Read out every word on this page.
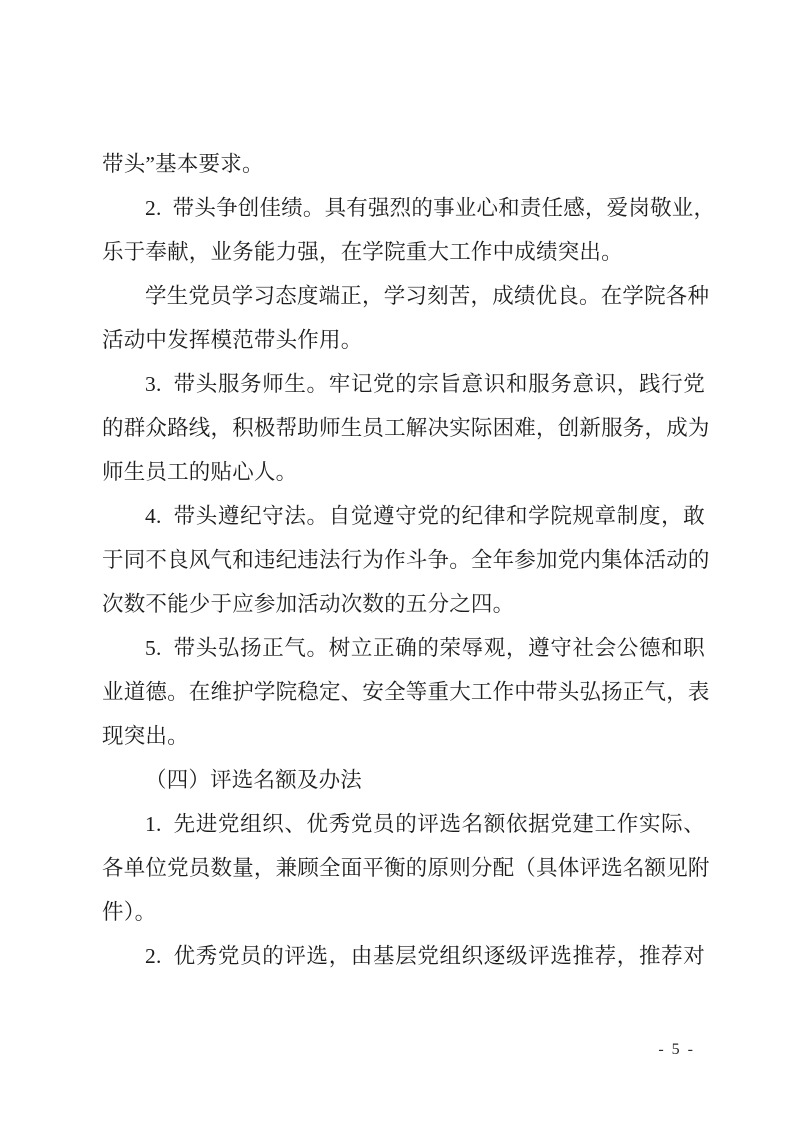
带头”基本要求。
2.  带头争创佳绩。具有强烈的事业心和责任感，爱岗敬业，
乐于奉献，业务能力强，在学院重大工作中成绩突出。
学生党员学习态度端正，学习刻苦，成绩优良。在学院各种
活动中发挥模范带头作用。
3.  带头服务师生。牢记党的宗旨意识和服务意识，践行党
的群众路线，积极帮助师生员工解决实际困难，创新服务，成为
师生员工的贴心人。
4.  带头遵纪守法。自觉遵守党的纪律和学院规章制度，敢
于同不良风气和违纪违法行为作斗争。全年参加党内集体活动的
次数不能少于应参加活动次数的五分之四。
5.  带头弘扬正气。树立正确的荣辱观，遵守社会公德和职
业道德。在维护学院稳定、安全等重大工作中带头弘扬正气，表
现突出。
（四）评选名额及办法
1.  先进党组织、优秀党员的评选名额依据党建工作实际、
各单位党员数量，兼顾全面平衡的原则分配（具体评选名额见附
件）。
2.  优秀党员的评选，由基层党组织逐级评选推荐，推荐对
- 5 -
